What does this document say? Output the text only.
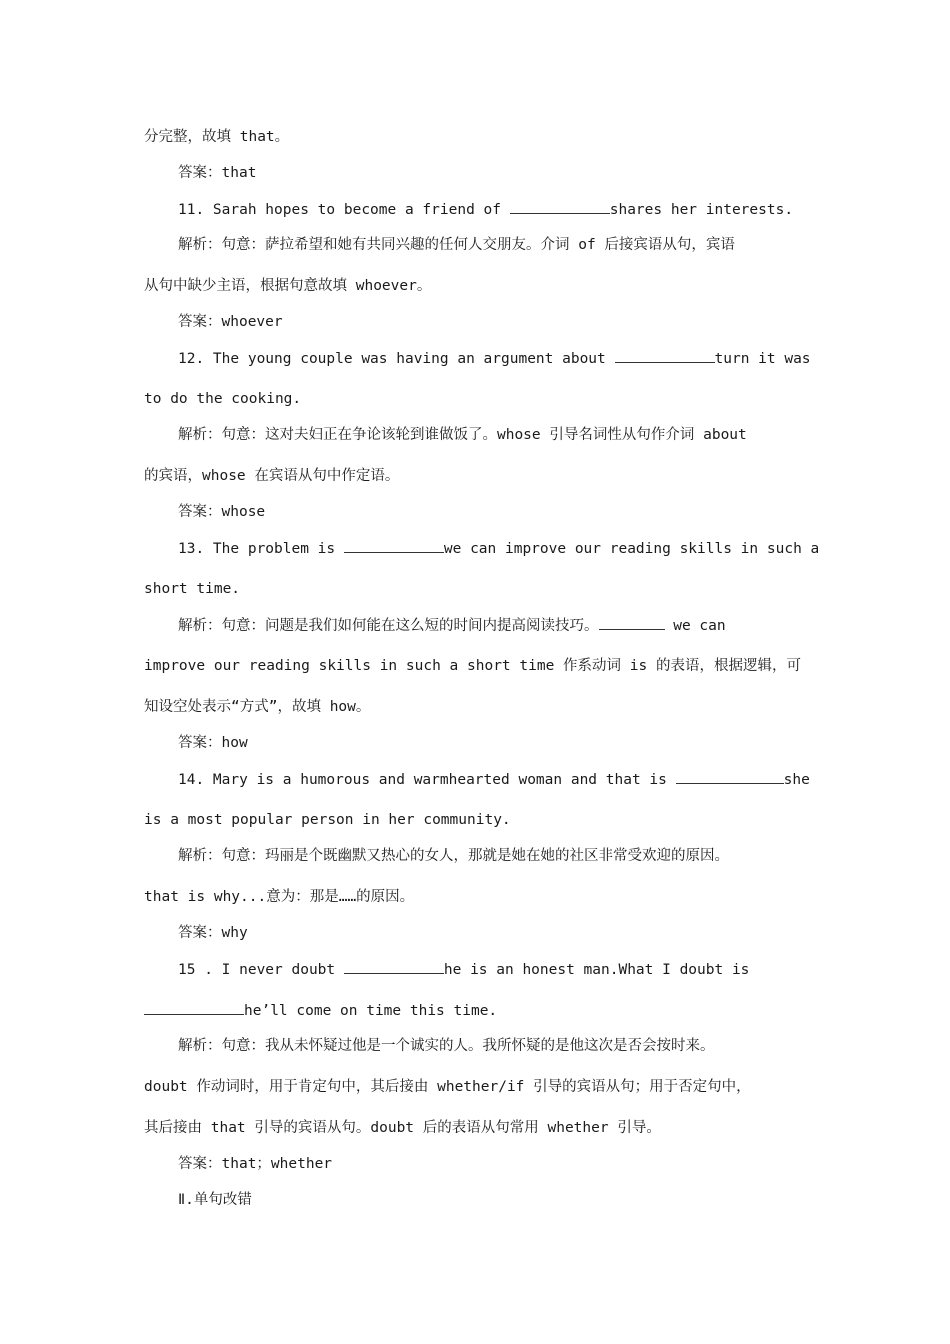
分完整，故填 that。
答案：that
11. Sarah hopes to become a friend of	shares her interests.
解析：句意：萨拉希望和她有共同兴趣的任何人交朋友。介词 of 后接宾语从句，宾语
从句中缺少主语，根据句意故填 whoever。
答案：whoever
12. The young couple was having an argument about	turn it was
to do the cooking.
解析：句意：这对夫妇正在争论该轮到谁做饭了。whose 引导名词性从句作介词 about
的宾语，whose 在宾语从句中作定语。
答案：whose
13. The problem is	we can improve our reading skills in such a
short time.
解析：句意：问题是我们如何能在这么短的时间内提高阅读技巧。	we can
improve our reading skills in such a short time 作系动词 is 的表语，根据逻辑，可
知设空处表示“方式”，故填 how。
答案：how
14. Mary is a humorous and warmhearted woman and that is	she
is a most popular person in her community.
解析：句意：玛丽是个既幽默又热心的女人，那就是她在她的社区非常受欢迎的原因。
that is why...意为：那是……的原因。
答案：why
15 . I never doubt	he is an honest man.What I doubt is
he’ll come on time this time.
解析：句意：我从未怀疑过他是一个诚实的人。我所怀疑的是他这次是否会按时来。
doubt 作动词时，用于肯定句中，其后接由 whether/if 引导的宾语从句；用于否定句中，
其后接由 that 引导的宾语从句。doubt 后的表语从句常用 whether 引导。
答案：that；whether
Ⅱ.单句改错
